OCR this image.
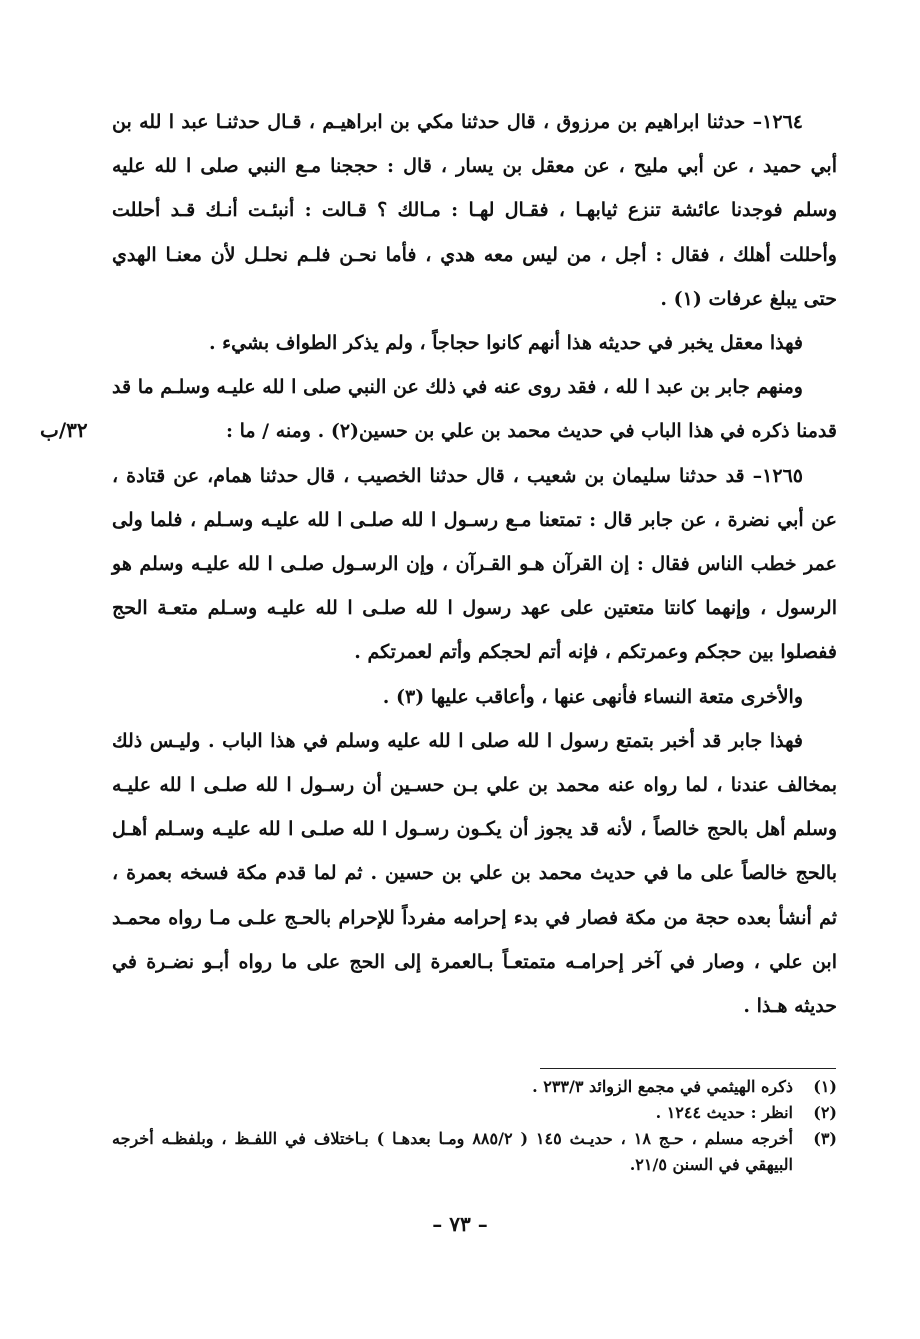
٣٢/ب

١٢٦٤– حدثنا ابراهيم بن مرزوق ، قال حدثنا مكي بن ابراهيـم ، قـال حدثنـا عبد ا لله بن أبي حميد ، عن أبي مليح ، عن معقل بن يسار ، قال : حججنا مـع النبي صلى ا لله عليه وسلم فوجدنا عائشة تنزع ثيابهـا ، فقـال لهـا : مـالك ؟ قـالت : أنبئـت أنـك قـد أحللت وأحللت أهلك ، فقال : أجل ، من ليس معه هدي ، فأما نحـن فلـم نحلـل لأن معنـا الهدي حتى يبلغ عرفات (١) .

فهذا معقل يخبر في حديثه هذا أنهم كانوا حجاجاً ، ولم يذكر الطواف بشيء .

ومنهم جابر بن عبد ا لله ، فقد روى عنه في ذلك عن النبي صلى ا لله عليـه وسلـم ما قد قدمنا ذكره في هذا الباب في حديث محمد بن علي بن حسين(٢) . ومنه / ما :

١٢٦٥– قد حدثنا سليمان بن شعيب ، قال حدثنا الخصيب ، قال حدثنا همام، عن قتادة ، عن أبي نضرة ، عن جابر قال : تمتعنا مـع رسـول ا لله صلـى ا لله عليـه وسـلم ، فلما ولى عمر خطب الناس فقال : إن القرآن هـو القـرآن ، وإن الرسـول صلـى ا لله عليـه وسلم هو الرسول ، وإنهما كانتا متعتين على عهد رسول ا لله صلـى ا لله عليـه وسـلم متعـة الحج ففصلوا بين حجكم وعمرتكم ، فإنه أتم لحجكم وأتم لعمرتكم .

والأخرى متعة النساء فأنهى عنها ، وأعاقب عليها (٣) .

فهذا جابر قد أخبر بتمتع رسول ا لله صلى ا لله عليه وسلم في هذا الباب . وليـس ذلك بمخالف عندنا ، لما رواه عنه محمد بن علي بـن حسـين أن رسـول ا لله صلـى ا لله عليـه وسلم أهل بالحج خالصاً ، لأنه قد يجوز أن يكـون رسـول ا لله صلـى ا لله عليـه وسـلم أهـل بالحج خالصاً على ما في حديث محمد بن علي بن حسين . ثم لما قدم مكة فسخه بعمرة ، ثم أنشأ بعده حجة من مكة فصار في بدء إحرامه مفرداً للإحرام بالحـج علـى مـا رواه محمـد ابن علي ، وصار في آخر إحرامـه متمتعـاً بـالعمرة إلى الحج على ما رواه أبـو نضـرة في حديثه هـذا .

(١)
ذكره الهيثمي في مجمع الزوائد ٢٣٣/٣ .
(٢)
انظر : حديث ١٢٤٤ .
(٣)
أخرجه مسلم ، حـج ١٨ ، حديـث ١٤٥ ( ٨٨٥/٢ ومـا بعدهـا ) بـاختلاف في اللفـظ ، وبلفظـه أخرجه البيهقي في السنن ٢١/٥.
– ٧٣ –
